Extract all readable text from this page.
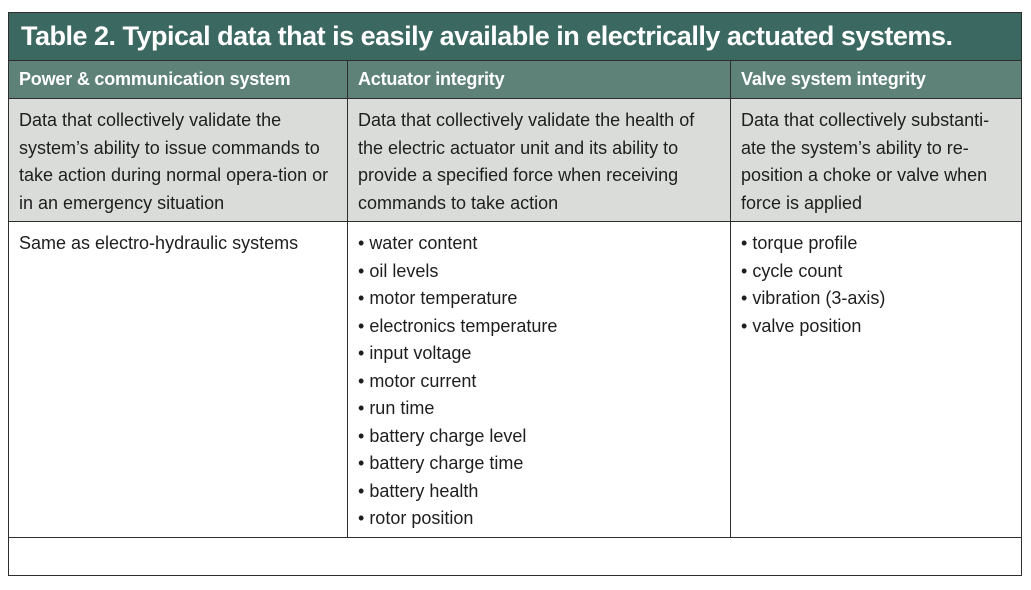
Table 2. Typical data that is easily available in electrically actuated systems.
Power & communication system	Actuator integrity	Valve system integrity
Data that collectively validate the system’s ability to issue commands to take action during normal opera-tion or in an emergency situation
Data that collectively validate the health of the electric actuator unit and its ability to provide a specified force when receiving commands to take action
Data that collectively substanti-ate the system’s ability to re-position a choke or valve when force is applied
Same as electro-hydraulic systems
•	water content
• oil levels
• motor temperature
• electronics temperature
• input voltage
• motor current
• run time
• battery charge level
• battery charge time
• battery health
• rotor position
• torque profile
• cycle count
• vibration (3-axis)
• valve position
